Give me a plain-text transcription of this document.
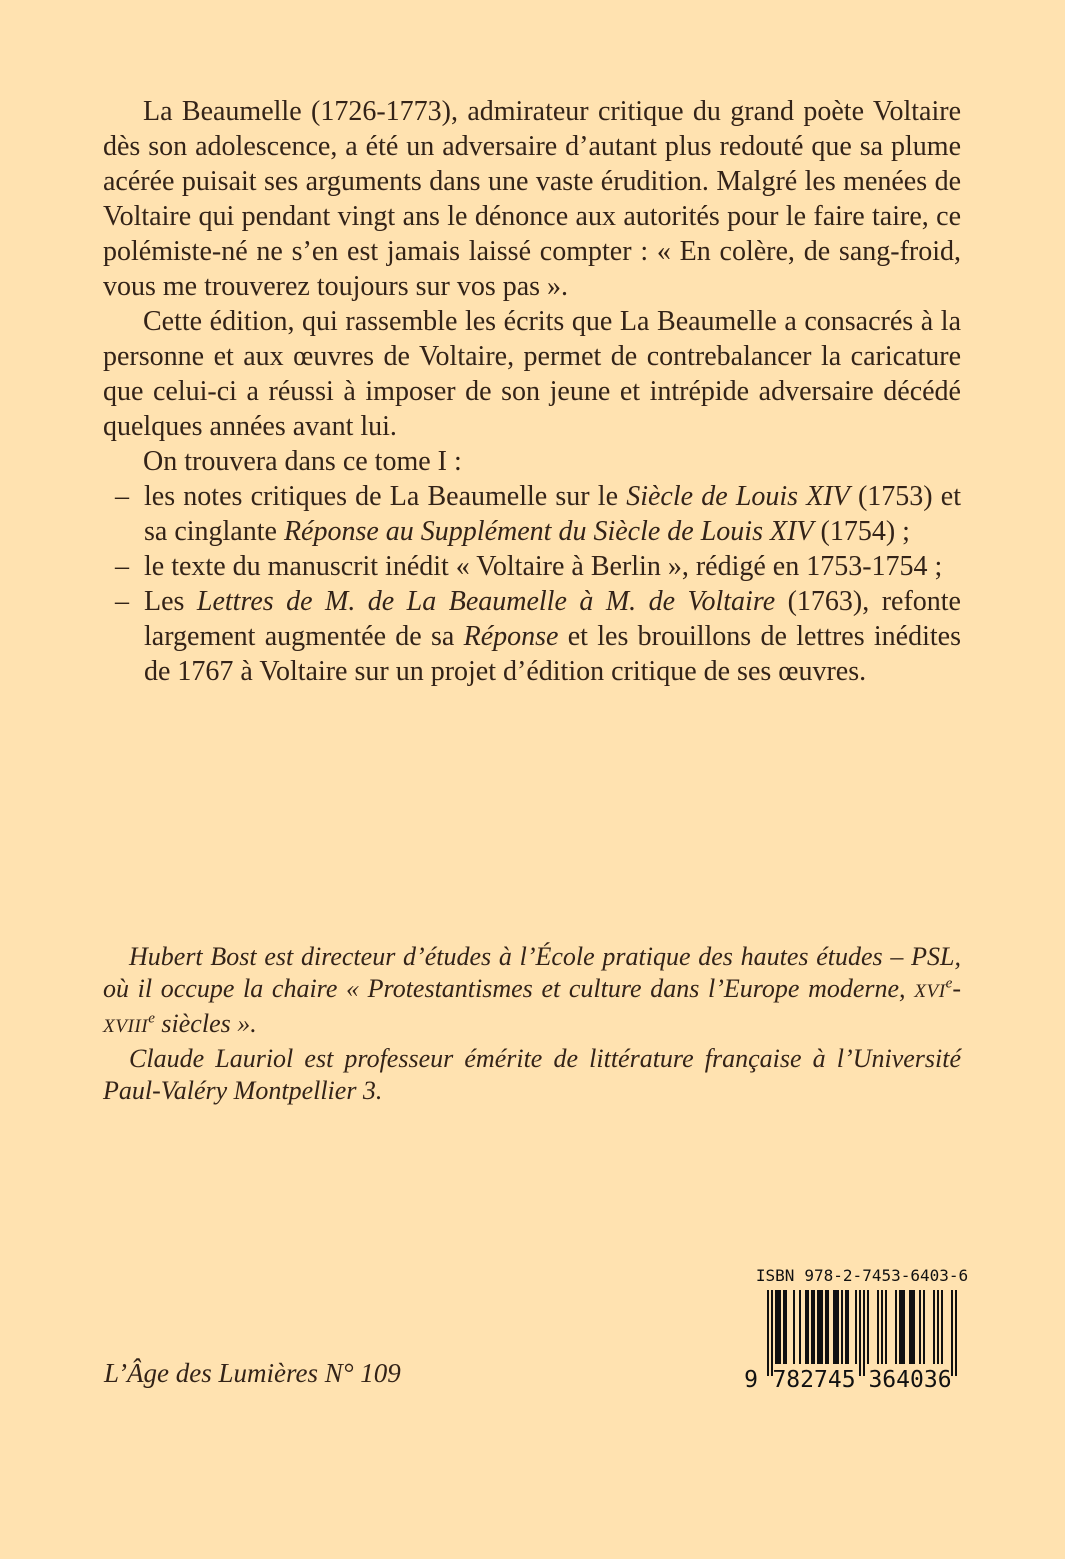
La Beaumelle (1726-1773), admirateur critique du grand poète Voltaire dès son adolescence, a été un adversaire d’autant plus redouté que sa plume acérée puisait ses arguments dans une vaste érudition. Malgré les menées de Voltaire qui pendant vingt ans le dénonce aux autorités pour le faire taire, ce polémiste-né ne s’en est jamais laissé compter : « En colère, de sang-froid, vous me trouverez toujours sur vos pas ».

Cette édition, qui rassemble les écrits que La Beaumelle a consacrés à la personne et aux œuvres de Voltaire, permet de contrebalancer la caricature que celui-ci a réussi à imposer de son jeune et intrépide adversaire décédé quelques années avant lui.

On trouvera dans ce tome I :

– les notes critiques de La Beaumelle sur le Siècle de Louis XIV (1753) et sa cinglante Réponse au Supplément du Siècle de Louis XIV (1754) ;

– le texte du manuscrit inédit « Voltaire à Berlin », rédigé en 1753-1754 ;

– Les Lettres de M. de La Beaumelle à M. de Voltaire (1763), refonte largement augmentée de sa Réponse et les brouillons de lettres inédites de 1767 à Voltaire sur un projet d’édition critique de ses œuvres.

Hubert Bost est directeur d’études à l’École pratique des hautes études – PSL, où il occupe la chaire « Protestantismes et culture dans l’Europe moderne, XVIe-XVIIIe siècles ».

Claude Lauriol est professeur émérite de littérature française à l’Université Paul-Valéry Montpellier 3.

L’Âge des Lumières N° 109
ISBN 978-2-7453-6403-6
9 782745 364036
